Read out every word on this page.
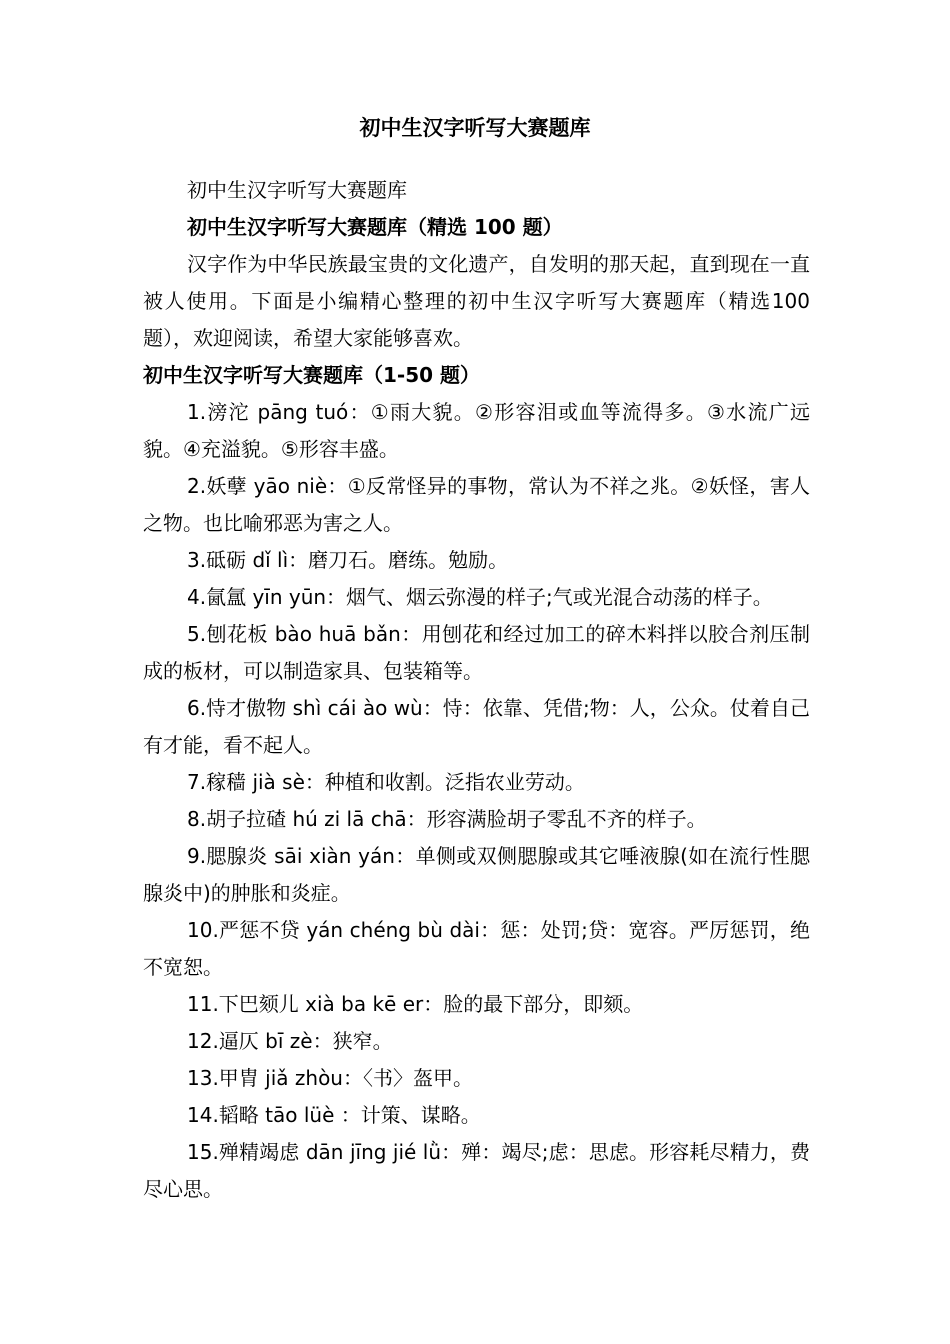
初中生汉字听写大赛题库

初中生汉字听写大赛题库

初中生汉字听写大赛题库（精选 100 题）

汉字作为中华民族最宝贵的文化遗产，自发明的那天起，直到现在一直被人使用。下面是小编精心整理的初中生汉字听写大赛题库（精选100 题），欢迎阅读，希望大家能够喜欢。

初中生汉字听写大赛题库（1-50 题）

1.滂沱 pāng tuó：①雨大貌。②形容泪或血等流得多。③水流广远貌。④充溢貌。⑤形容丰盛。

2.妖孽 yāo niè：①反常怪异的事物，常认为不祥之兆。②妖怪，害人之物。也比喻邪恶为害之人。

3.砥砺 dǐ lì：磨刀石。磨练。勉励。

4.氤氲 yīn yūn：烟气、烟云弥漫的样子;气或光混合动荡的样子。

5.刨花板 bào huā bǎn：用刨花和经过加工的碎木料拌以胶合剂压制成的板材，可以制造家具、包装箱等。

6.恃才傲物 shì cái ào wù：恃：依靠、凭借;物：人，公众。仗着自己有才能，看不起人。

7.稼穑 jià sè：种植和收割。泛指农业劳动。

8.胡子拉碴 hú zi lā chā：形容满脸胡子零乱不齐的样子。

9.腮腺炎 sāi xiàn yán：单侧或双侧腮腺或其它唾液腺(如在流行性腮腺炎中)的肿胀和炎症。

10.严惩不贷 yán chéng bù dài：惩：处罚;贷：宽容。严厉惩罚，绝不宽恕。

11.下巴颏儿 xià ba kē er：脸的最下部分，即颏。

12.逼仄 bī zè：狭窄。

13.甲胄 jiǎ zhòu：〈书〉盔甲。

14.韬略 tāo lüè ：计策、谋略。

15.殚精竭虑 dān jīng jié lǜ：殚：竭尽;虑：思虑。形容耗尽精力，费尽心思。
